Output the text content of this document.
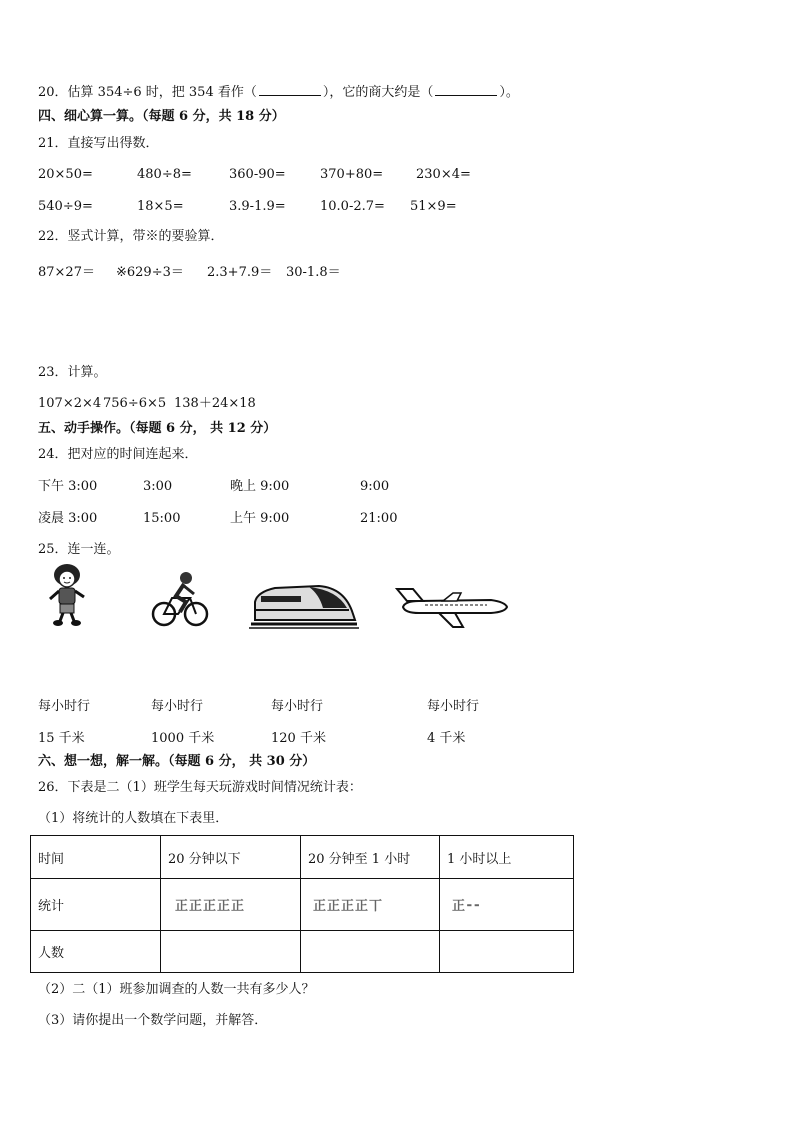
20．估算 354÷6 时，把 354 看作（	），它的商大约是（	）。
四、细心算一算。（每题 6 分，共 18 分）
21．直接写出得数．
20×50=	480÷8=	360-90=	370+80=	230×4=
540÷9=	18×5=	3.9-1.9=	10.0-2.7= 51×9=
22．竖式计算，带※的要验算．
87×27＝ ※629÷3＝ 2.3+7.9＝ 30-1.8＝
23．计算。
107×2×4 756÷6×5 138＋24×18
五、动手操作。（每题 6 分， 共 12 分）
24．把对应的时间连起来．
下午 3:00	3:00	晚上 9:00	9:00
凌晨 3:00	15:00	上午 9:00	21:00
25．连一连。
每小时行	每小时行	每小时行	每小时行
15 千米	1000 千米	120 千米	4 千米
六、想一想，解一解。（每题 6 分， 共 30 分）
26．下表是二（1）班学生每天玩游戏时间情况统计表：
（1）将统计的人数填在下表里．
时间	20 分钟以下	20 分钟至 1 小时	1 小时以上
统计	正正正正正	正正正正丅	正⁃⁃
人数			
（2）二（1）班参加调查的人数一共有多少人？
（3）请你提出一个数学问题，并解答．
